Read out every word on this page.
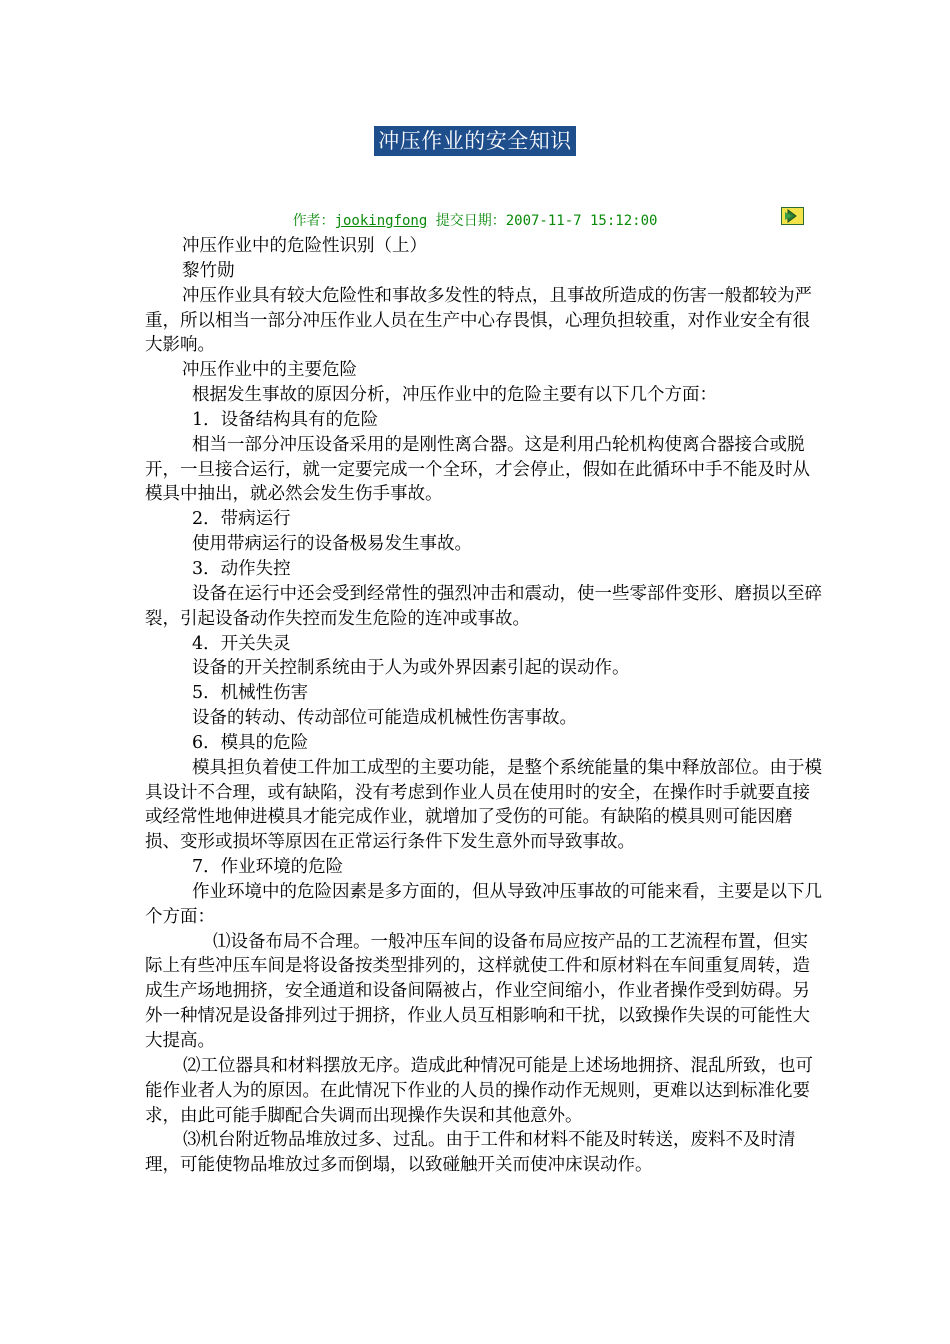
冲压作业的安全知识
作者：jookingfong 提交日期：2007-11-7 15:12:00

冲压作业中的危险性识别（上）

黎竹勋

冲压作业具有较大危险性和事故多发性的特点，且事故所造成的伤害一般都较为严重，所以相当一部分冲压作业人员在生产中心存畏惧，心理负担较重，对作业安全有很大影响。

冲压作业中的主要危险

根据发生事故的原因分析，冲压作业中的危险主要有以下几个方面：

1．设备结构具有的危险

相当一部分冲压设备采用的是刚性离合器。这是利用凸轮机构使离合器接合或脱开，一旦接合运行，就一定要完成一个全环，才会停止，假如在此循环中手不能及时从模具中抽出，就必然会发生伤手事故。

2．带病运行

使用带病运行的设备极易发生事故。

3．动作失控

设备在运行中还会受到经常性的强烈冲击和震动，使一些零部件变形、磨损以至碎裂，引起设备动作失控而发生危险的连冲或事故。

4．开关失灵

设备的开关控制系统由于人为或外界因素引起的误动作。

5．机械性伤害

设备的转动、传动部位可能造成机械性伤害事故。

6．模具的危险

模具担负着使工件加工成型的主要功能，是整个系统能量的集中释放部位。由于模具设计不合理，或有缺陷，没有考虑到作业人员在使用时的安全，在操作时手就要直接或经常性地伸进模具才能完成作业，就增加了受伤的可能。有缺陷的模具则可能因磨损、变形或损坏等原因在正常运行条件下发生意外而导致事故。

7．作业环境的危险

作业环境中的危险因素是多方面的，但从导致冲压事故的可能来看，主要是以下几个方面：

⑴设备布局不合理。一般冲压车间的设备布局应按产品的工艺流程布置，但实际上有些冲压车间是将设备按类型排列的，这样就使工件和原材料在车间重复周转，造成生产场地拥挤，安全通道和设备间隔被占，作业空间缩小，作业者操作受到妨碍。另外一种情况是设备排列过于拥挤，作业人员互相影响和干扰，以致操作失误的可能性大大提高。

⑵工位器具和材料摆放无序。造成此种情况可能是上述场地拥挤、混乱所致，也可能作业者人为的原因。在此情况下作业的人员的操作动作无规则，更难以达到标准化要求，由此可能手脚配合失调而出现操作失误和其他意外。

⑶机台附近物品堆放过多、过乱。由于工件和材料不能及时转送，废料不及时清理，可能使物品堆放过多而倒塌，以致碰触开关而使冲床误动作。
